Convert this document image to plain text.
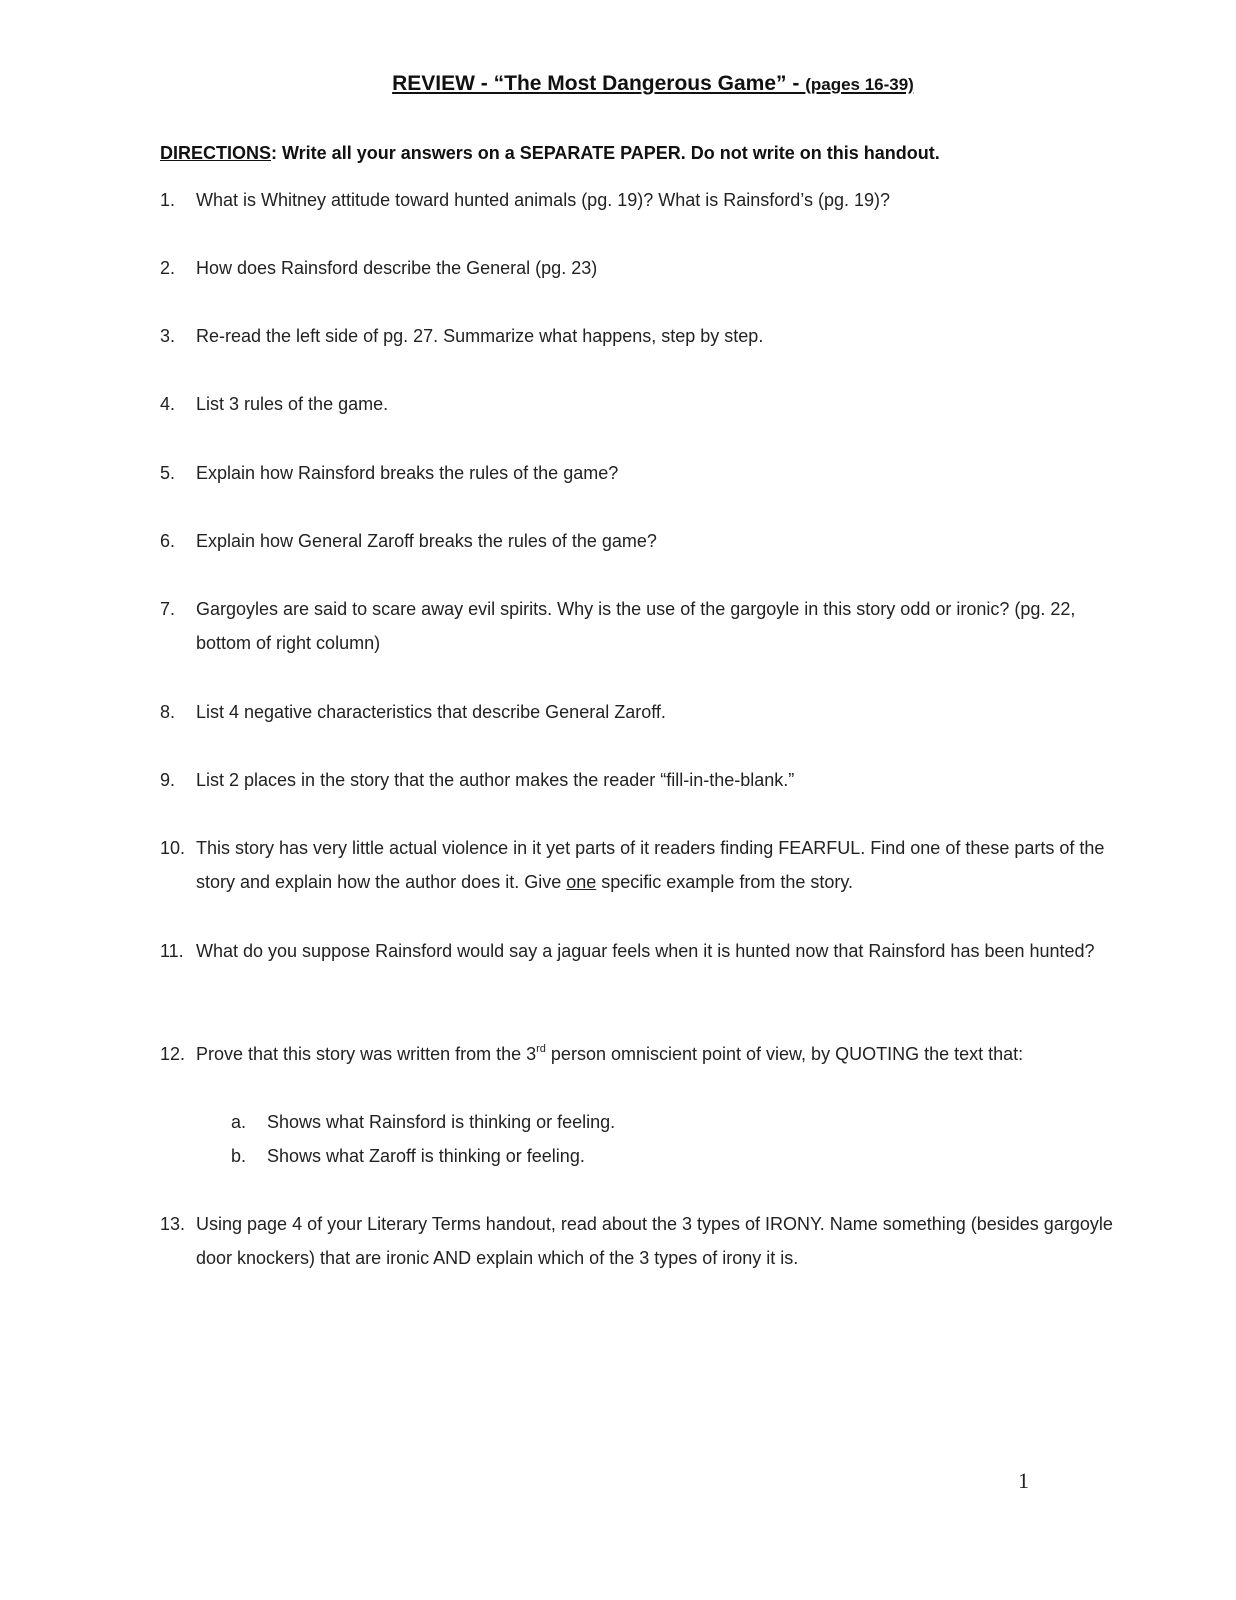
REVIEW - “The Most Dangerous Game” - (pages 16-39)
DIRECTIONS: Write all your answers on a SEPARATE PAPER. Do not write on this handout.
1. What is Whitney attitude toward hunted animals (pg. 19)? What is Rainsford’s (pg. 19)?
2. How does Rainsford describe the General (pg. 23)
3. Re-read the left side of pg. 27. Summarize what happens, step by step.
4. List 3 rules of the game.
5. Explain how Rainsford breaks the rules of the game?
6. Explain how General Zaroff breaks the rules of the game?
7. Gargoyles are said to scare away evil spirits. Why is the use of the gargoyle in this story odd or ironic? (pg. 22, bottom of right column)
8. List 4 negative characteristics that describe General Zaroff.
9. List 2 places in the story that the author makes the reader “fill-in-the-blank.”
10. This story has very little actual violence in it yet parts of it readers finding FEARFUL. Find one of these parts of the story and explain how the author does it. Give one specific example from the story.
11. What do you suppose Rainsford would say a jaguar feels when it is hunted now that Rainsford has been hunted?
12. Prove that this story was written from the 3rd person omniscient point of view, by QUOTING the text that:
a. Shows what Rainsford is thinking or feeling.
b. Shows what Zaroff is thinking or feeling.
13. Using page 4 of your Literary Terms handout, read about the 3 types of IRONY. Name something (besides gargoyle door knockers) that are ironic AND explain which of the 3 types of irony it is.
1
